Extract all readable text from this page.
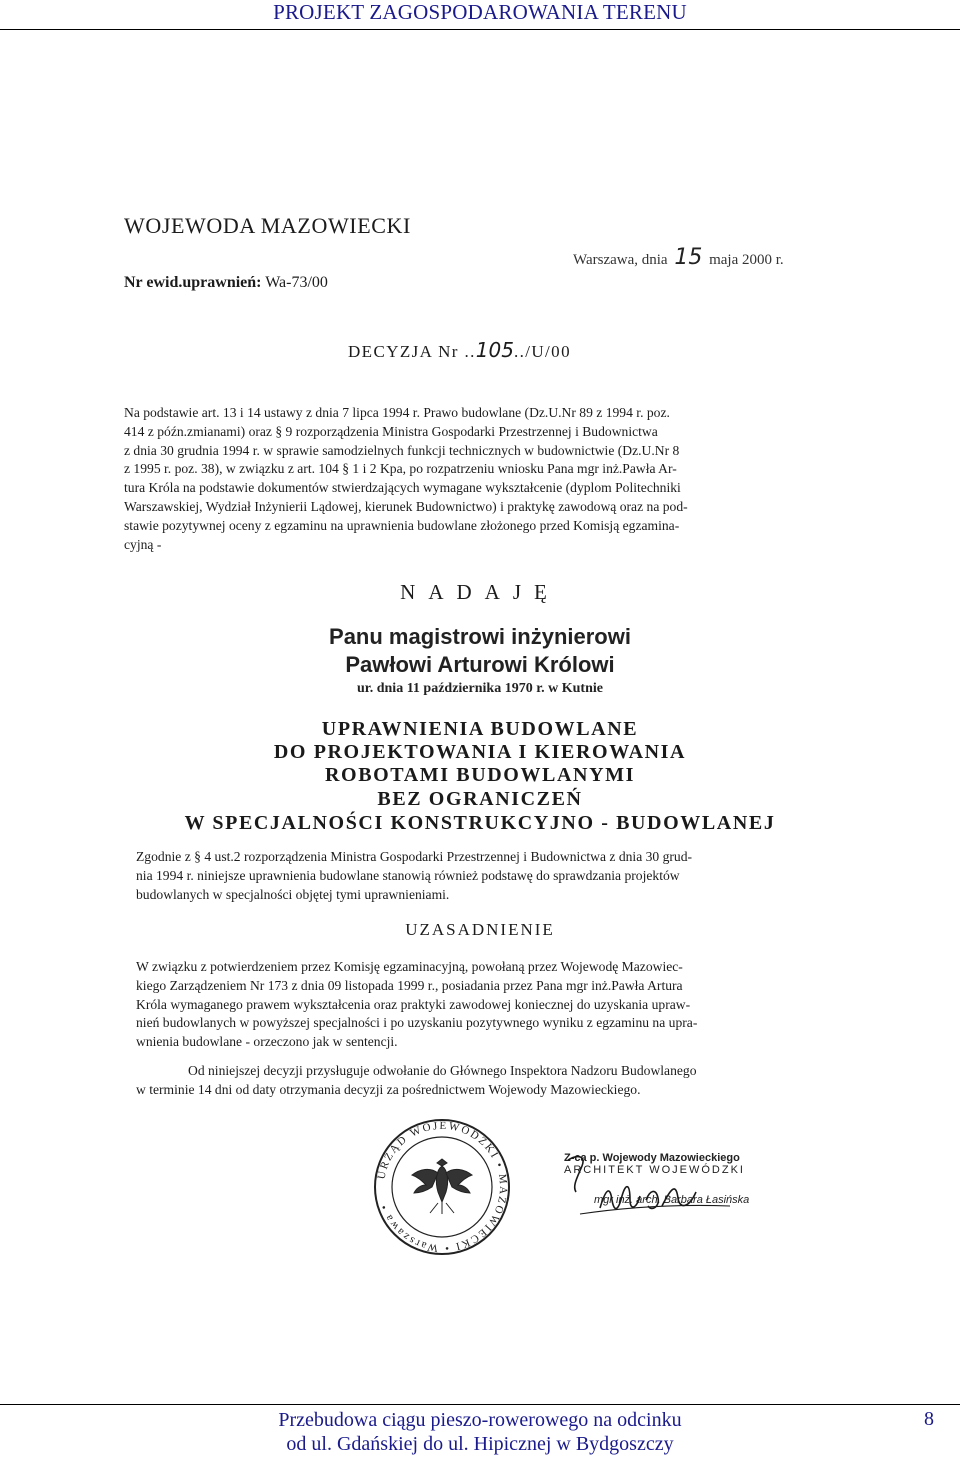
PROJEKT ZAGOSPODAROWANIA TERENU
WOJEWODA MAZOWIECKI
Warszawa, dnia 15 maja 2000 r.
Nr ewid.uprawnień: Wa-73/00
DECYZJA Nr ..105../U/00
Na podstawie art. 13 i 14 ustawy z dnia 7 lipca 1994 r. Prawo budowlane (Dz.U.Nr 89 z 1994 r. poz.
414 z późn.zmianami) oraz § 9 rozporządzenia Ministra Gospodarki Przestrzennej i Budownictwa
z dnia 30 grudnia 1994 r. w sprawie samodzielnych funkcji technicznych w budownictwie (Dz.U.Nr 8
z 1995 r. poz. 38), w związku z art. 104 § 1 i 2 Kpa, po rozpatrzeniu wniosku Pana mgr inż.Pawła Ar-
tura Króla na podstawie dokumentów stwierdzających wymagane wykształcenie (dyplom Politechniki
Warszawskiej, Wydział Inżynierii Lądowej, kierunek Budownictwo) i praktykę zawodową oraz na pod-
stawie pozytywnej oceny z egzaminu na uprawnienia budowlane złożonego przed Komisją egzamina-
cyjną -
NADAJĘ
Panu magistrowi inżynierowi
Pawłowi Arturowi Królowi
ur. dnia 11 października 1970 r. w Kutnie
UPRAWNIENIA BUDOWLANE
DO PROJEKTOWANIA I KIEROWANIA
ROBOTAMI BUDOWLANYMI
BEZ OGRANICZEŃ
W SPECJALNOŚCI KONSTRUKCYJNO - BUDOWLANEJ
Zgodnie z § 4 ust.2 rozporządzenia Ministra Gospodarki Przestrzennej i Budownictwa z dnia 30 grud-
nia 1994 r. niniejsze uprawnienia budowlane stanowią również podstawę do sprawdzania projektów
budowlanych w specjalności objętej tymi uprawnieniami.
UZASADNIENIE
W związku z potwierdzeniem przez Komisję egzaminacyjną, powołaną przez Wojewodę Mazowiec-
kiego Zarządzeniem Nr 173 z dnia 09 listopada 1999 r., posiadania przez Pana mgr inż.Pawła Artura
Króla wymaganego prawem wykształcenia oraz praktyki zawodowej koniecznej do uzyskania upraw-
nień budowlanych w powyższej specjalności i po uzyskaniu pozytywnego wyniku z egzaminu na upra-
wnienia budowlane - orzeczono jak w sentencji.
Od niniejszej decyzji przysługuje odwołanie do Głównego Inspektora Nadzoru Budowlanego
w terminie 14 dni od daty otrzymania decyzji za pośrednictwem Wojewody Mazowieckiego.
URZĄD WOJEWÓDZKI • MAZOWIECKI • Warszawa •
Z-ca p. Wojewody Mazowieckiego
ARCHITEKT WOJEWÓDZKI
mgr inż. arch. Barbara Łasińska
Przebudowa ciągu pieszo-rowerowego na odcinku
od ul. Gdańskiej do ul. Hipicznej w Bydgoszczy
8
